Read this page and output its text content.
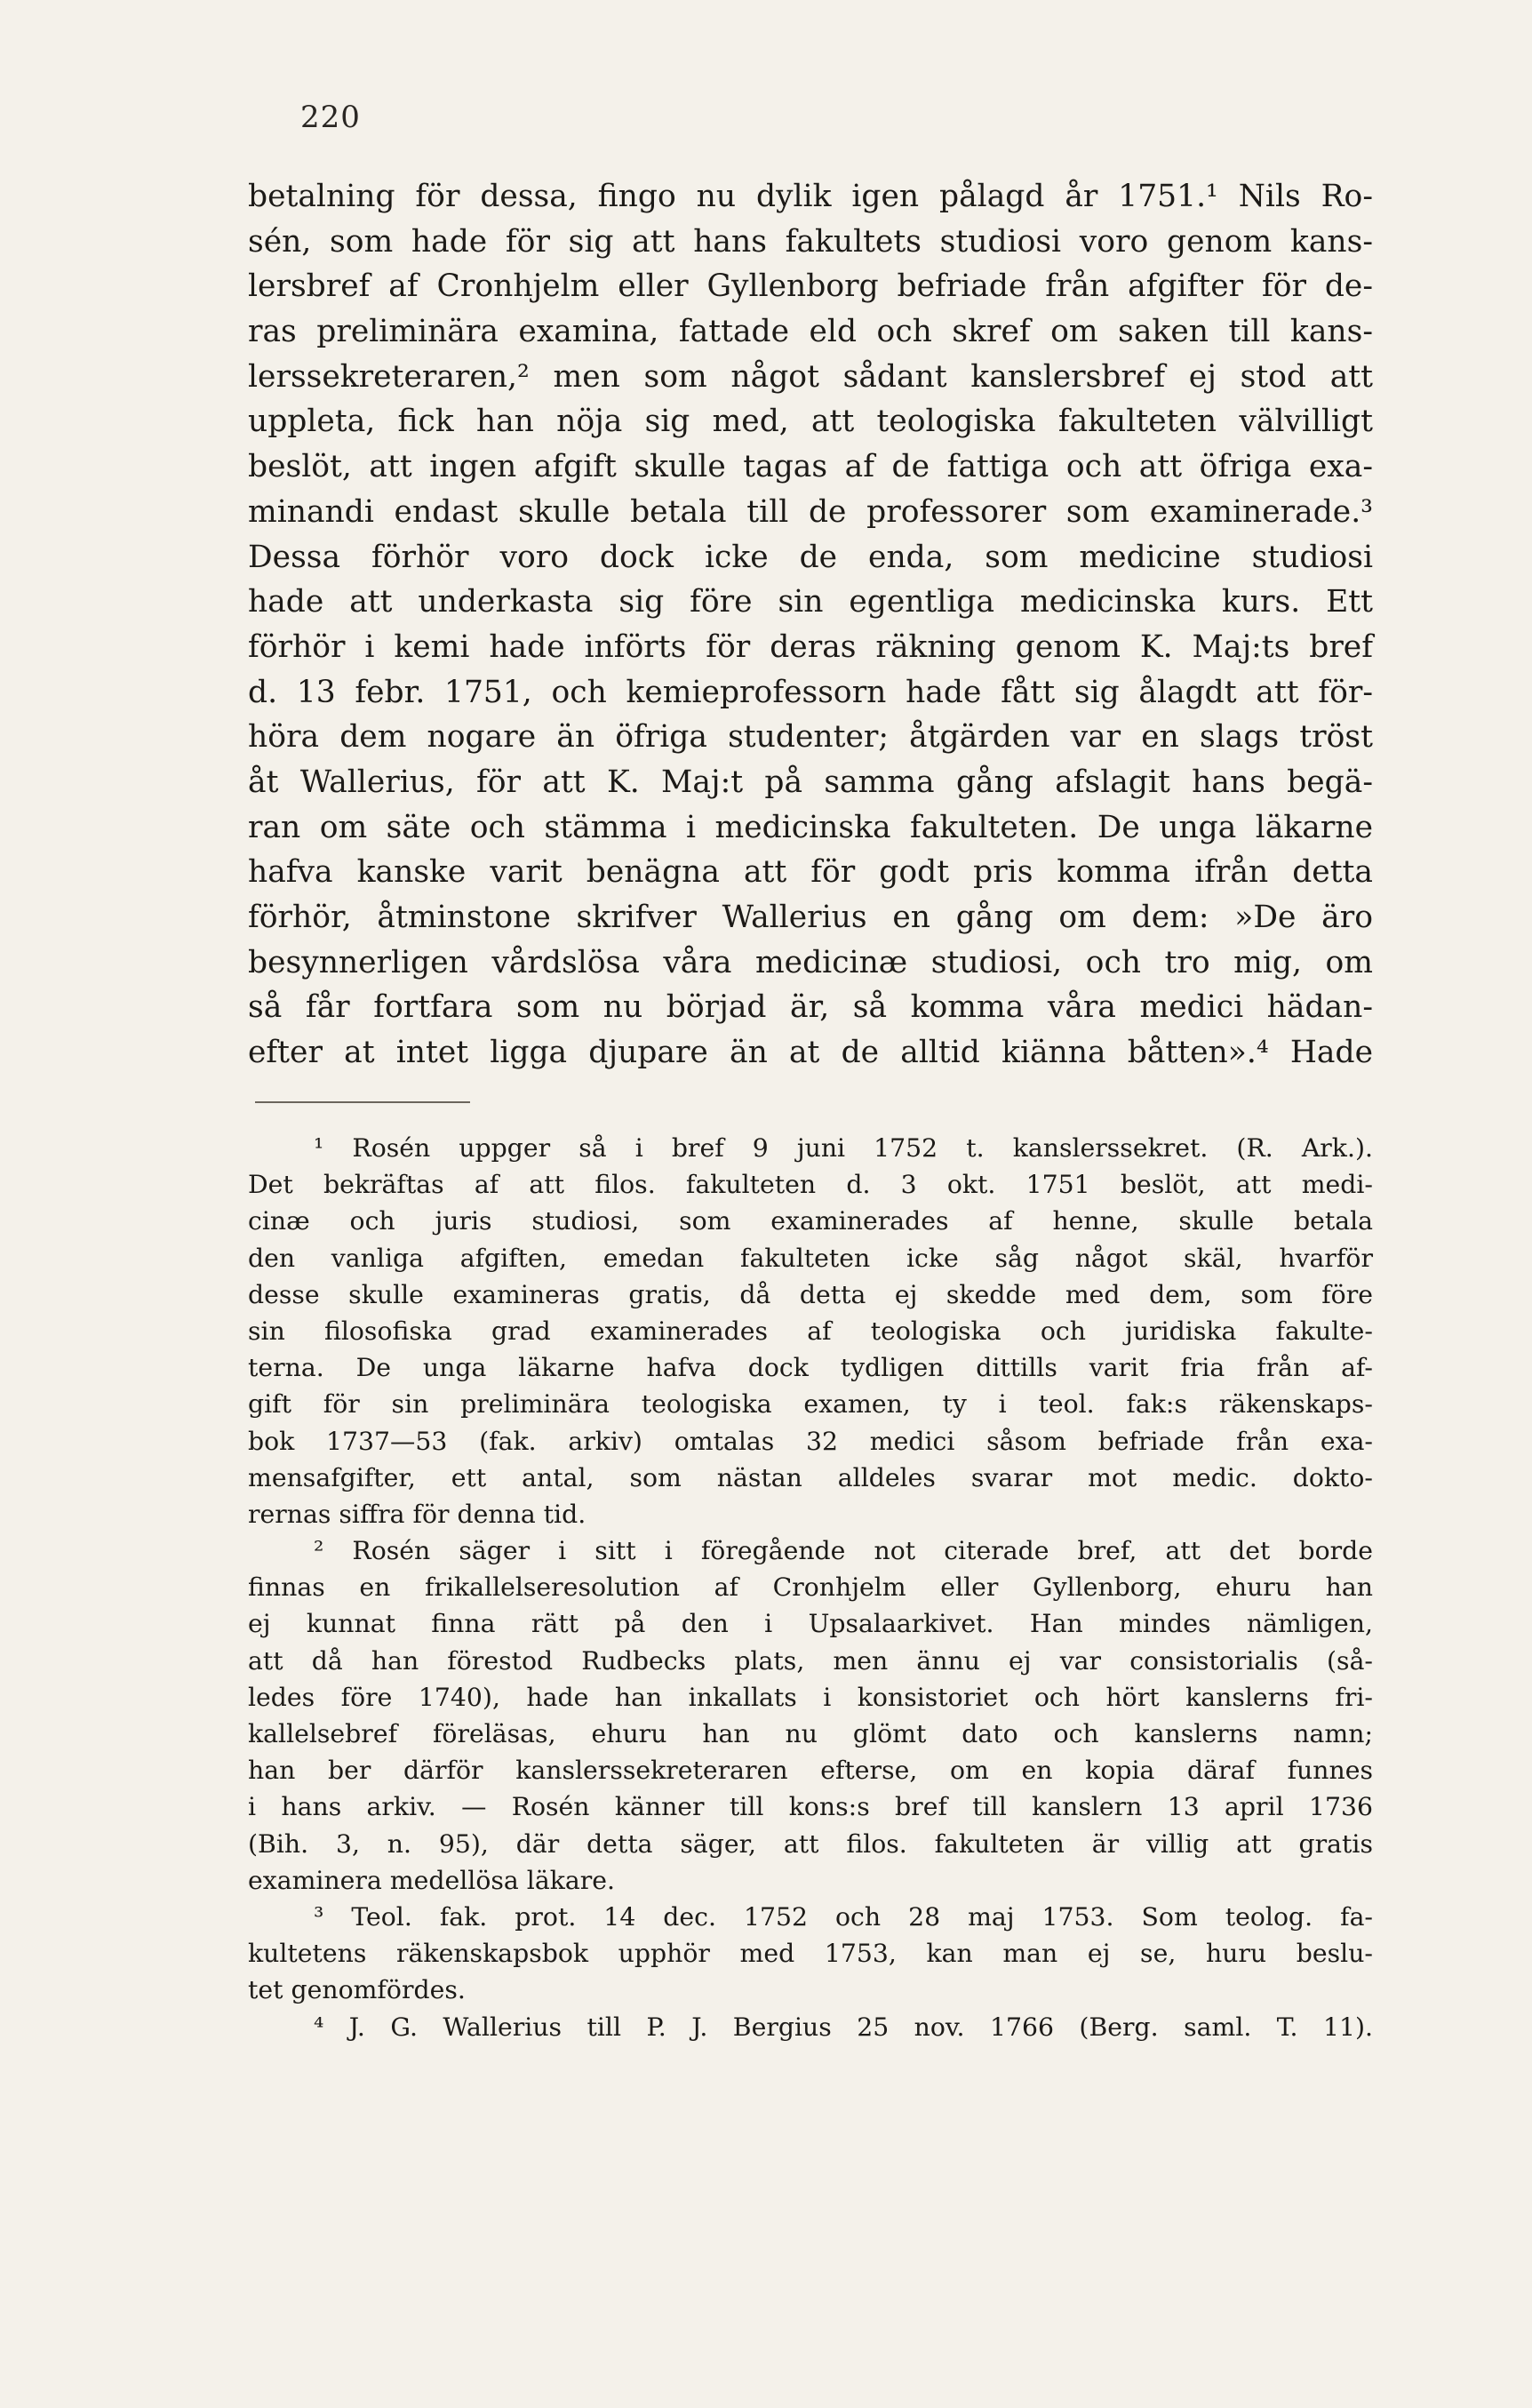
220
betalning för dessa, fingo nu dylik igen pålagd år 1751.¹ Nils Ro-
sén, som hade för sig att hans fakultets studiosi voro genom kans-
lersbref af Cronhjelm eller Gyllenborg befriade från afgifter för de-
ras preliminära examina, fattade eld och skref om saken till kans-
lerssekreteraren,² men som något sådant kanslersbref ej stod att
uppleta, fick han nöja sig med, att teologiska fakulteten välvilligt
beslöt, att ingen afgift skulle tagas af de fattiga och att öfriga exa-
minandi endast skulle betala till de professorer som examinerade.³
Dessa förhör voro dock icke de enda, som medicine studiosi
hade att underkasta sig före sin egentliga medicinska kurs. Ett
förhör i kemi hade införts för deras räkning genom K. Maj:ts bref
d. 13 febr. 1751, och kemieprofessorn hade fått sig ålagdt att för-
höra dem nogare än öfriga studenter; åtgärden var en slags tröst
åt Wallerius, för att K. Maj:t på samma gång afslagit hans begä-
ran om säte och stämma i medicinska fakulteten. De unga läkarne
hafva kanske varit benägna att för godt pris komma ifrån detta
förhör, åtminstone skrifver Wallerius en gång om dem: »De äro
besynnerligen vårdslösa våra medicinæ studiosi, och tro mig, om
så får fortfara som nu börjad är, så komma våra medici hädan-
efter at intet ligga djupare än at de alltid kiänna båtten».⁴ Hade
¹ Rosén uppger så i bref 9 juni 1752 t. kanslerssekret. (R. Ark.).
Det bekräftas af att filos. fakulteten d. 3 okt. 1751 beslöt, att medi-
cinæ och juris studiosi, som examinerades af henne, skulle betala
den vanliga afgiften, emedan fakulteten icke såg något skäl, hvarför
desse skulle examineras gratis, då detta ej skedde med dem, som före
sin filosofiska grad examinerades af teologiska och juridiska fakulte-
terna. De unga läkarne hafva dock tydligen dittills varit fria från af-
gift för sin preliminära teologiska examen, ty i teol. fak:s räkenskaps-
bok 1737—53 (fak. arkiv) omtalas 32 medici såsom befriade från exa-
mensafgifter, ett antal, som nästan alldeles svarar mot medic. dokto-
rernas siffra för denna tid.
² Rosén säger i sitt i föregående not citerade bref, att det borde
finnas en frikallelseresolution af Cronhjelm eller Gyllenborg, ehuru han
ej kunnat finna rätt på den i Upsalaarkivet. Han mindes nämligen,
att då han förestod Rudbecks plats, men ännu ej var consistorialis (så-
ledes före 1740), hade han inkallats i konsistoriet och hört kanslerns fri-
kallelsebref föreläsas, ehuru han nu glömt dato och kanslerns namn;
han ber därför kanslerssekreteraren efterse, om en kopia däraf funnes
i hans arkiv. — Rosén känner till kons:s bref till kanslern 13 april 1736
(Bih. 3, n. 95), där detta säger, att filos. fakulteten är villig att gratis
examinera medellösa läkare.
³ Teol. fak. prot. 14 dec. 1752 och 28 maj 1753. Som teolog. fa-
kultetens räkenskapsbok upphör med 1753, kan man ej se, huru beslu-
tet genomfördes.
⁴ J. G. Wallerius till P. J. Bergius 25 nov. 1766 (Berg. saml. T. 11).
